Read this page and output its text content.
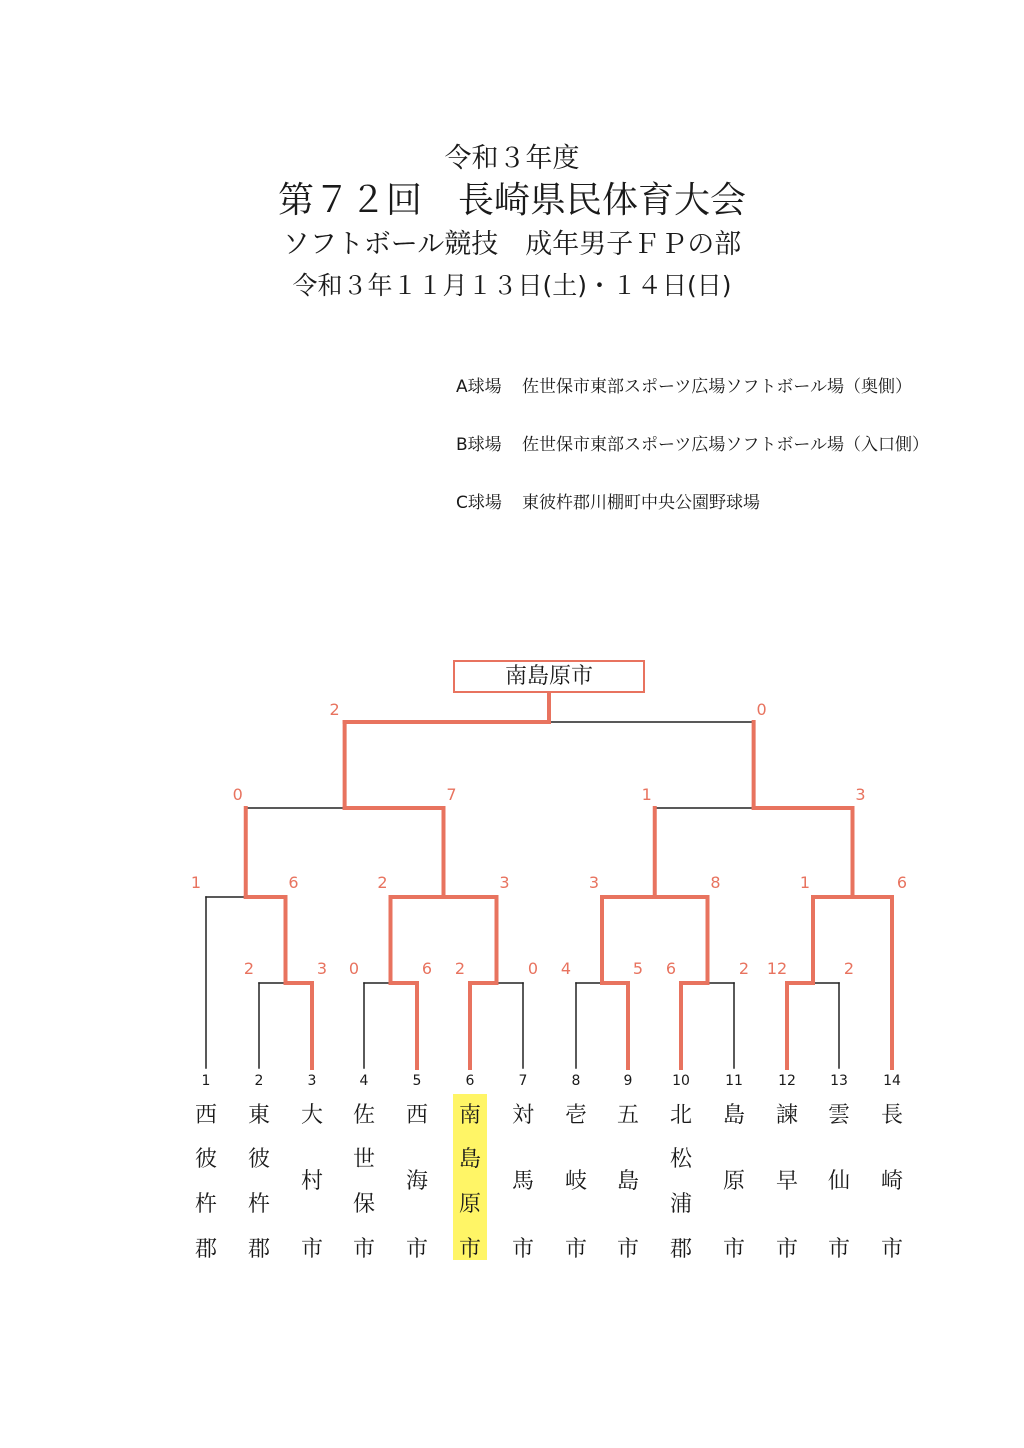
令和３年度
第７２回　長崎県民体育大会
ソフトボール競技　成年男子ＦＰの部
令和３年１１月１３日(土)・１４日(日)
A球場 佐世保市東部スポーツ広場ソフトボール場（奥側）
B球場 佐世保市東部スポーツ広場ソフトボール場（入口側）
C球場 東彼杵郡川棚町中央公園野球場
南島原市
2	3 0	6 2	0 4	5 6	2 12	2
1	6	2	3	3	8	1	6
0	7	1	3
2	0
1
西
彼
杵
郡
2
東
彼
杵
郡
3
大
村
市
4
佐
世
保
市
5
西
海
市
6
南
島
原
市
7
対
馬
市
8
壱
岐
市
9
五
島
市
10
北
松
浦
郡
11
島
原
市
12
諫
早
市
13
雲
仙
市
14
長
崎
市
